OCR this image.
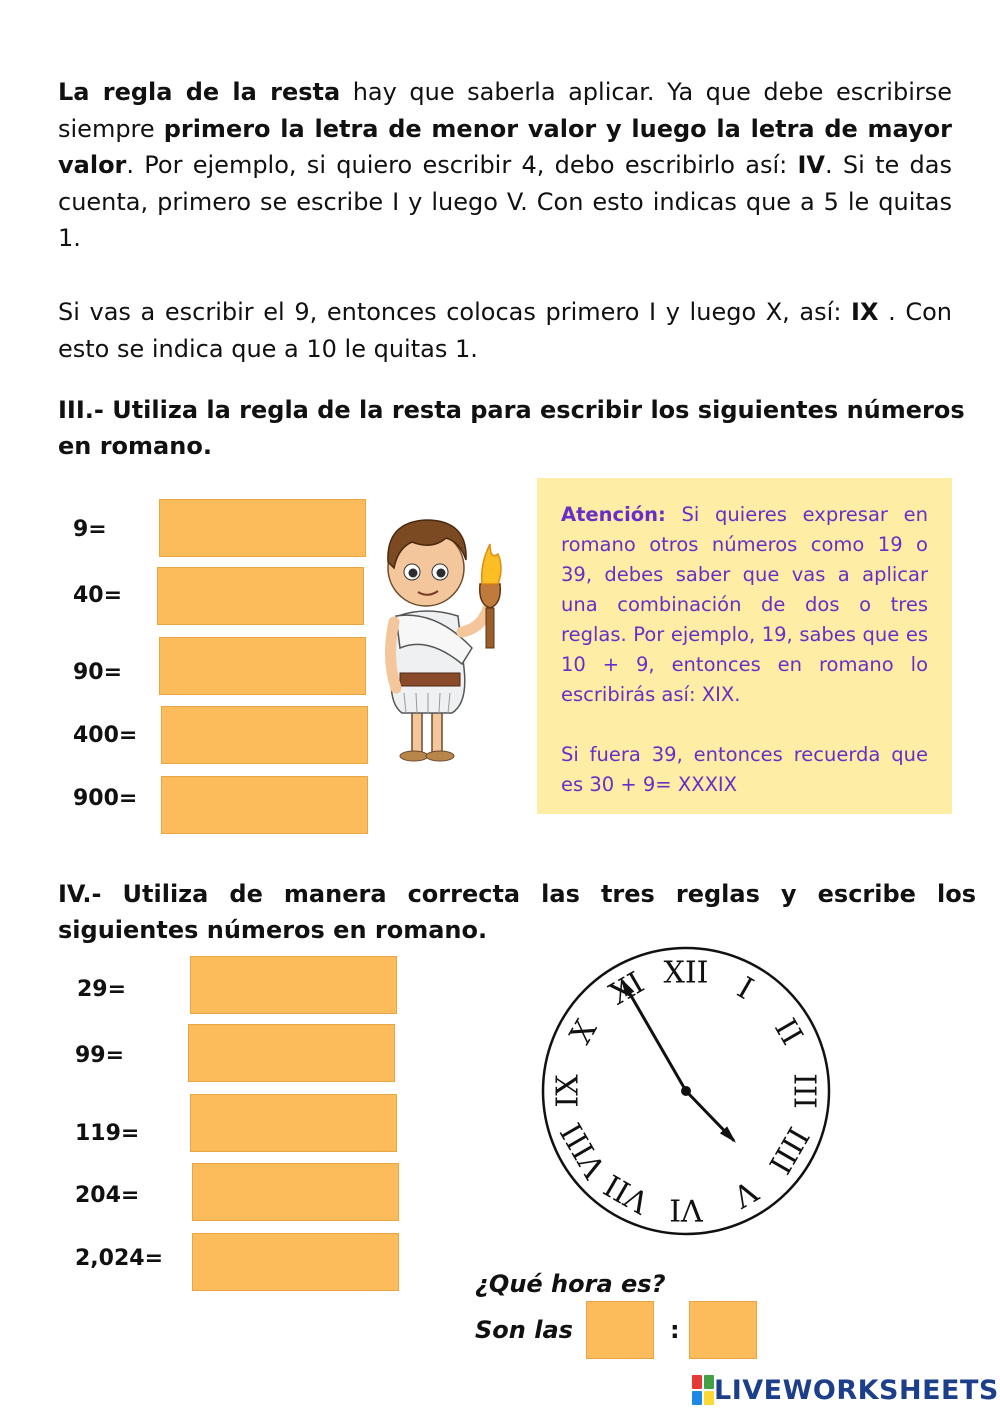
La regla de la resta hay que saberla aplicar. Ya que debe escribirse siempre primero la letra de menor valor y luego la letra de mayor valor. Por ejemplo, si quiero escribir 4, debo escribirlo así: IV. Si te das cuenta, primero se escribe I y luego V. Con esto indicas que a 5 le quitas 1.

Si vas a escribir el 9, entonces colocas primero I y luego X, así: IX . Con esto se indica que a 10 le quitas 1.

III.- Utiliza la regla de la resta para escribir los siguientes números en romano.

9=
40=
90=
400=
900=

Atención: Si quieres expresar en romano otros números como 19 o 39, debes saber que vas a aplicar una combinación de dos o tres reglas. Por ejemplo, 19, sabes que es 10 + 9, entonces en romano lo escribirás así: XIX.

Si fuera 39, entonces recuerda que es 30 + 9= XXXIX

IV.- Utiliza de manera correcta las tres reglas y escribe los siguientes números en romano.

29=
99=
119=
204=
2,024=
XII I
II
III
IIII
V
VI
VII
VIII
IX
X
¿Qué hora es?
Son las	:
LIVEWORKSHEETS
